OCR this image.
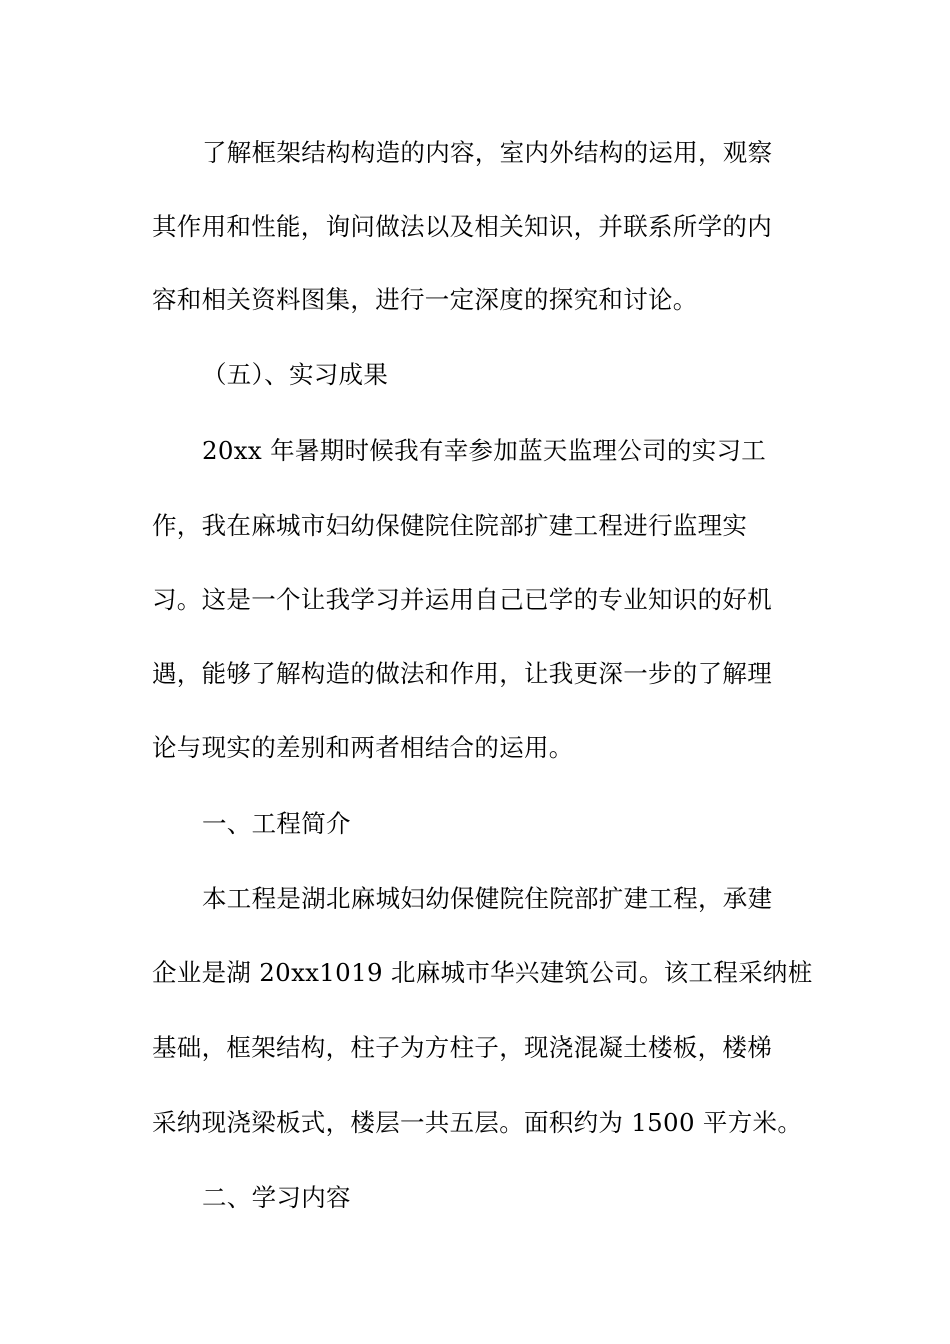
了解框架结构构造的内容，室内外结构的运用，观察
其作用和性能，询问做法以及相关知识，并联系所学的内
容和相关资料图集，进行一定深度的探究和讨论。
（五）、实习成果
20xx 年暑期时候我有幸参加蓝天监理公司的实习工
作，我在麻城市妇幼保健院住院部扩建工程进行监理实
习。这是一个让我学习并运用自己已学的专业知识的好机
遇，能够了解构造的做法和作用，让我更深一步的了解理
论与现实的差别和两者相结合的运用。
一、工程简介
本工程是湖北麻城妇幼保健院住院部扩建工程，承建
企业是湖 20xx1019 北麻城市华兴建筑公司。该工程采纳桩
基础，框架结构，柱子为方柱子，现浇混凝土楼板，楼梯
采纳现浇梁板式，楼层一共五层。面积约为 1500 平方米。
二、学习内容
